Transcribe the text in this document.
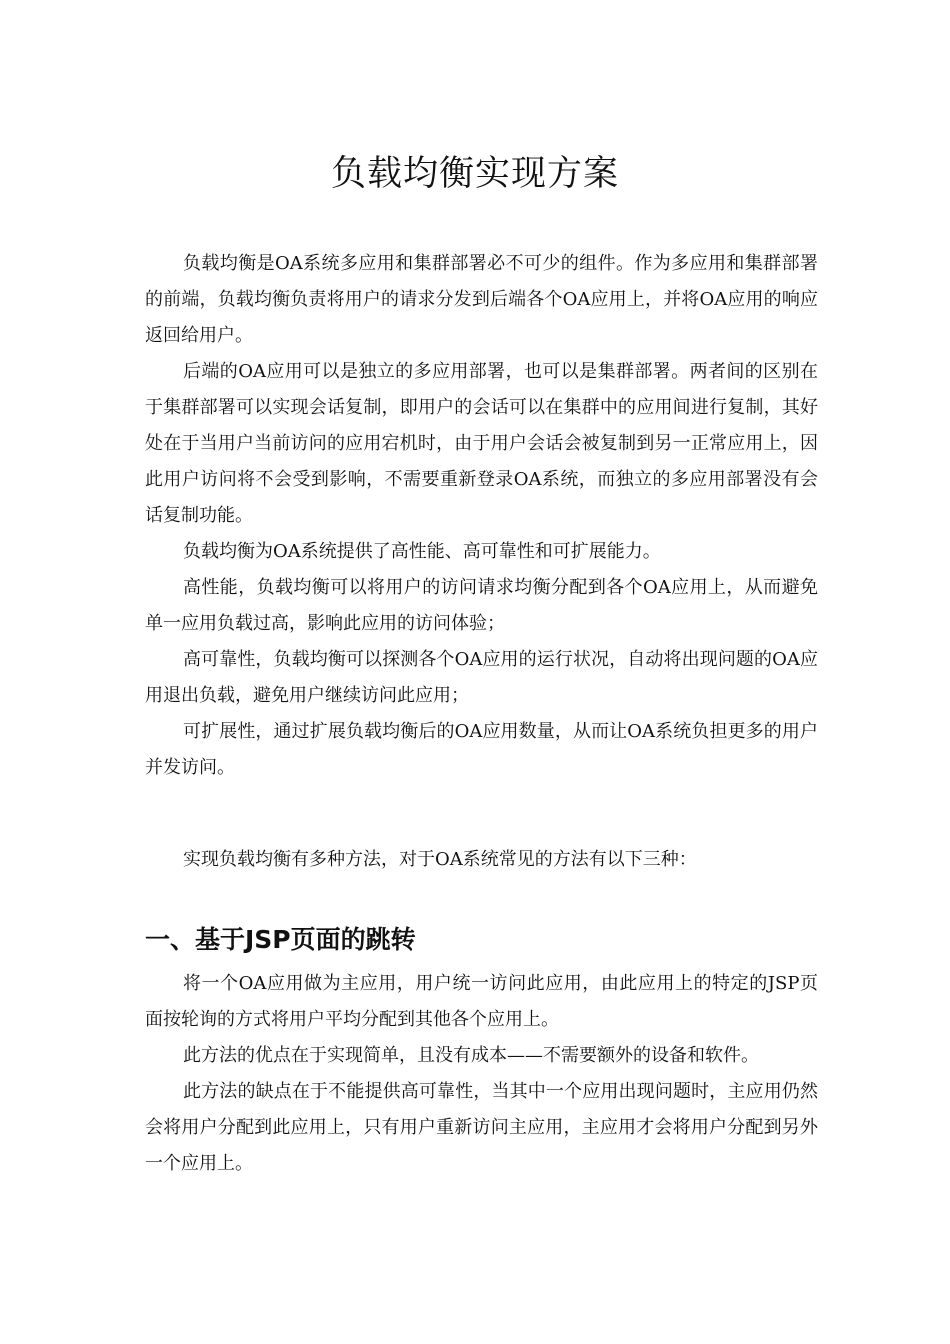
负载均衡实现方案

负载均衡是OA系统多应用和集群部署必不可少的组件。作为多应用和集群部署的前端，负载均衡负责将用户的请求分发到后端各个OA应用上，并将OA应用的响应返回给用户。

后端的OA应用可以是独立的多应用部署，也可以是集群部署。两者间的区别在于集群部署可以实现会话复制，即用户的会话可以在集群中的应用间进行复制，其好处在于当用户当前访问的应用宕机时，由于用户会话会被复制到另一正常应用上，因此用户访问将不会受到影响，不需要重新登录OA系统，而独立的多应用部署没有会话复制功能。

负载均衡为OA系统提供了高性能、高可靠性和可扩展能力。

高性能，负载均衡可以将用户的访问请求均衡分配到各个OA应用上，从而避免单一应用负载过高，影响此应用的访问体验；

高可靠性，负载均衡可以探测各个OA应用的运行状况，自动将出现问题的OA应用退出负载，避免用户继续访问此应用；

可扩展性，通过扩展负载均衡后的OA应用数量，从而让OA系统负担更多的用户并发访问。

实现负载均衡有多种方法，对于OA系统常见的方法有以下三种：

一、基于JSP页面的跳转

将一个OA应用做为主应用，用户统一访问此应用，由此应用上的特定的JSP页面按轮询的方式将用户平均分配到其他各个应用上。

此方法的优点在于实现简单，且没有成本——不需要额外的设备和软件。

此方法的缺点在于不能提供高可靠性，当其中一个应用出现问题时，主应用仍然会将用户分配到此应用上，只有用户重新访问主应用，主应用才会将用户分配到另外一个应用上。
